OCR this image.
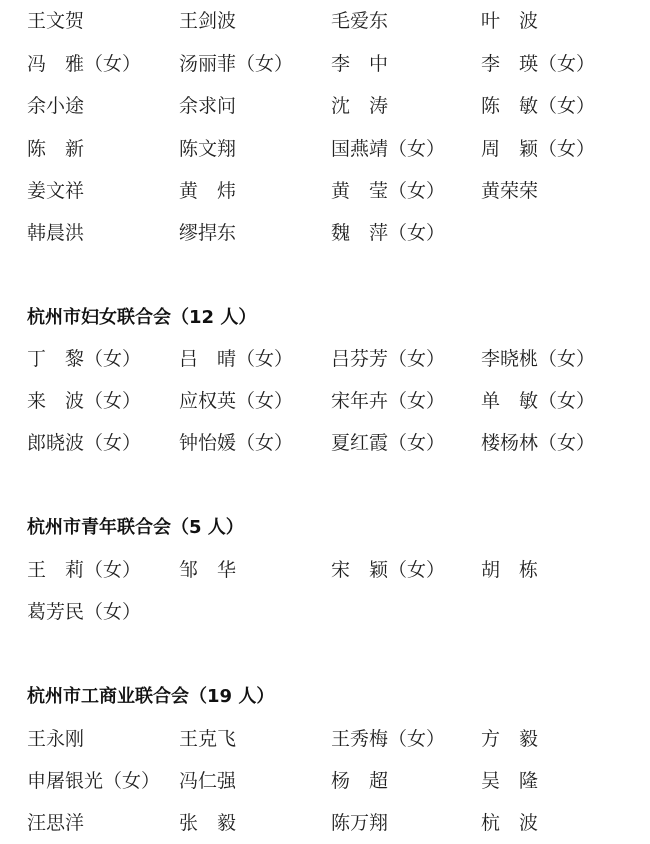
王文贺	王剑波	毛爱东	叶　波
冯　雅（女） 汤丽菲（女） 李　中	李　瑛（女）
余小途	余求问	沈　涛	陈　敏（女）
陈　新	陈文翔	国燕靖（女） 周　颖（女）
姜文祥	黄　炜	黄　莹（女） 黄荣荣
韩晨洪	缪捍东	魏　萍（女）
杭州市妇女联合会（12 人）
丁　黎（女） 吕　晴（女） 吕芬芳（女） 李晓桃（女）
来　波（女） 应权英（女） 宋年卉（女） 单　敏（女）
郎晓波（女） 钟怡媛（女） 夏红霞（女） 楼杨林（女）
杭州市青年联合会（5 人）
王　莉（女） 邹　华	宋　颖（女） 胡　栋
葛芳民（女）
杭州市工商业联合会（19 人）
王永刚	王克飞	王秀梅（女） 方　毅
申屠银光（女） 冯仁强	杨　超	吴　隆
汪思洋	张　毅	陈万翔	杭　波
